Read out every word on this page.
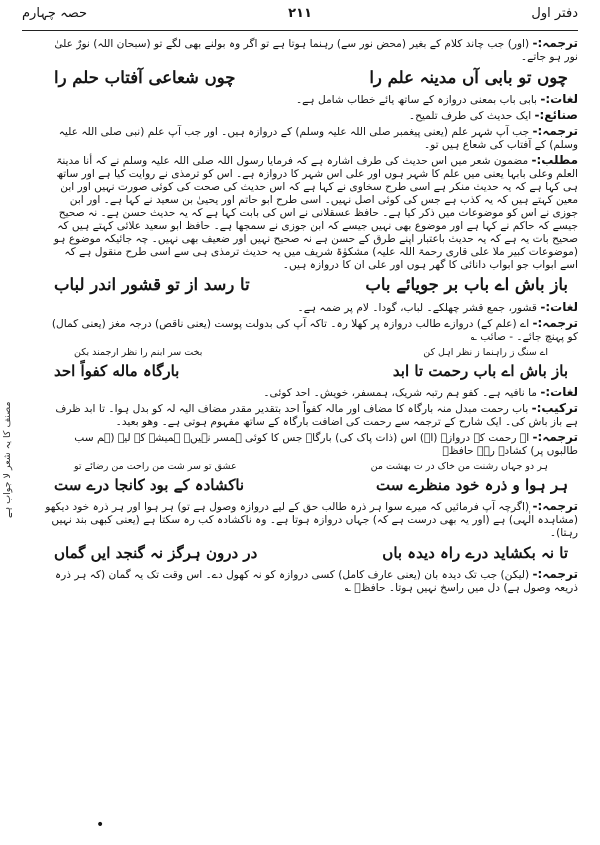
دفتر اول
۲۱۱
حصہ چہارم

ترجمہ:- (اور) جب چاند کلام کے بغیر (محض نور سے) رہنما ہوتا ہے تو اگر وہ بولنے بھی لگے تو (سبحان اللہ) نورٌ علیٰ نور ہو جاتے۔

چوں تو بابی آں مدینہ علم را
چوں شعاعی آفتاب حلم را

لغات:- بابی باب بمعنی دروازہ کے ساتھ یائے خطاب شامل ہے۔

صنائع:- ایک حدیث کی طرف تلمیح۔

ترجمہ:- جب آپ شہر علم (یعنی پیغمبر صلی اللہ علیہ وسلم) کے دروازہ ہیں۔ اور جب آپ علم (نبی صلی اللہ علیہ وسلم) کے آفتاب کی شعاع ہیں تو۔

مطلب:- مضمون شعر میں اس حدیث کی طرف اشارہ ہے کہ فرمایا رسول اللہ صلی اللہ علیہ وسلم نے کہ أنا مدینۃ العلم وعلی بابہا یعنی میں علم کا شہر ہوں اور علی اس شہر کا دروازہ ہے۔ اس کو ترمذی نے روایت کیا ہے اور ساتھ ہی کہا ہے کہ یہ حدیث منکر ہے اسی طرح سخاوی نے کہا ہے کہ اس حدیث کی صحت کی کوئی صورت نہیں اور ابن معین کہتے ہیں کہ یہ کذب ہے جس کی کوئی اصل نہیں۔ اسی طرح ابو حاتم اور یحییٰ بن سعید نے کہا ہے۔ اور ابن جوزی نے اس کو موضوعات میں ذکر کیا ہے۔ حافظ عسقلانی نے اس کی بابت کہا ہے کہ یہ حدیث حسن ہے۔ نہ صحیح جیسے کہ حاکم نے کہا ہے اور موضوع بھی نہیں جیسے کہ ابن جوزی نے سمجھا ہے۔ حافظ ابو سعید علائی کہتے ہیں کہ صحیح بات یہ ہے کہ یہ حدیث باعتبار اپنے طرق کے حسن ہے نہ صحیح نہیں اور ضعیف بھی نہیں۔ چہ جائیکہ موضوع ہو (موضوعات کبیر ملا علی قاری رحمۃ اللہ علیہ) مشکوٰۃ شریف میں یہ حدیث ترمذی ہی سے اسی طرح منقول ہے کہ اسے ابواب جو ابواب دانائی کا گھر ہوں اور علی ان کا دروازہ ہیں۔

باز باش اے باب بر جویائے باب
تا رسد از تو قشور اندر لباب

لغات:- قشور، جمع قشر چھلکے۔ لباب، گودا۔ لام پر ضمہ ہے۔

ترجمہ:- اے (علم کے) دروازے طالب دروازہ پر کھلا رہ۔ تاکہ آپ کی بدولت پوست (یعنی ناقص) درجہ مغز (یعنی کمال) کو پہنچ جائے۔ - صائب ؎

اے سنگ ز راہنما ز نظر اہل کن
بخت سر ابنم را نظر ارجمند بکن
باز باش اے باب رحمت تا ابد
بارگاہ ماله کفواً احد

لغات:- ما نافیہ ہے۔ کفو ہم رتبہ شریک، ہمسفر، خویش۔ احد کوئی۔

ترکیب:- باب رحمت مبدل منہ بارگاہ کا مضاف اور مالہ کفواً احد بتقدیر مقدر مضاف الیہ لہ کو بدل ہوا۔ تا ابد ظرف ہے باز باش کی۔ ایک شارح کے ترجمہ سے رحمت کی اضافت بارگاہ کے ساتھ مفہوم ہوتی ہے۔ وھو بعید۔

ترجمہ:- اے رحمت کے دروازے (اے) اس (ذات پاک کی) بارگاہ جس کا کوئی ہمسر نہیں۔ ہمیشہ کے لیے (ہم سب طالبوں پر) کشادہ رہ۔ حافظؒ

ہر دو جہاں رشنت من خاک در ت بهشت من
عشق تو سر شت من راحت من رضائے تو
ہر ہوا و ذرہ خود منظرے ست
ناکشادہ کے بود کانجا درے ست

ترجمہ:- (اگرچہ آپ فرمائیں کہ میرے سوا ہر ذرہ طالب حق کے لیے دروازہ وصول ہے تو) ہر ہوا اور ہر ذرہ خود دیکھو (مشاہدہ الٰہی) ہے (اور یہ بھی درست ہے کہ) جہاں دروازہ ہوتا ہے۔ وہ ناکشادہ کب رہ سکتا ہے (یعنی کبھی بند نہیں رہتا)۔

تا نہ بکشاید درے راہ دیدہ باں
در درون ہرگز نہ گنجد ایں گماں

ترجمہ:- (لیکن) جب تک دیدہ بان (یعنی عارف کامل) کسی دروازہ کو نہ کھول دے۔ اس وقت تک یہ گمان (کہ ہر ذرہ ذریعہ وصول ہے) دل میں راسخ نہیں ہوتا۔ حافظؒ ؎

مصنف کا یہ شعر لا جواب ہے
•
